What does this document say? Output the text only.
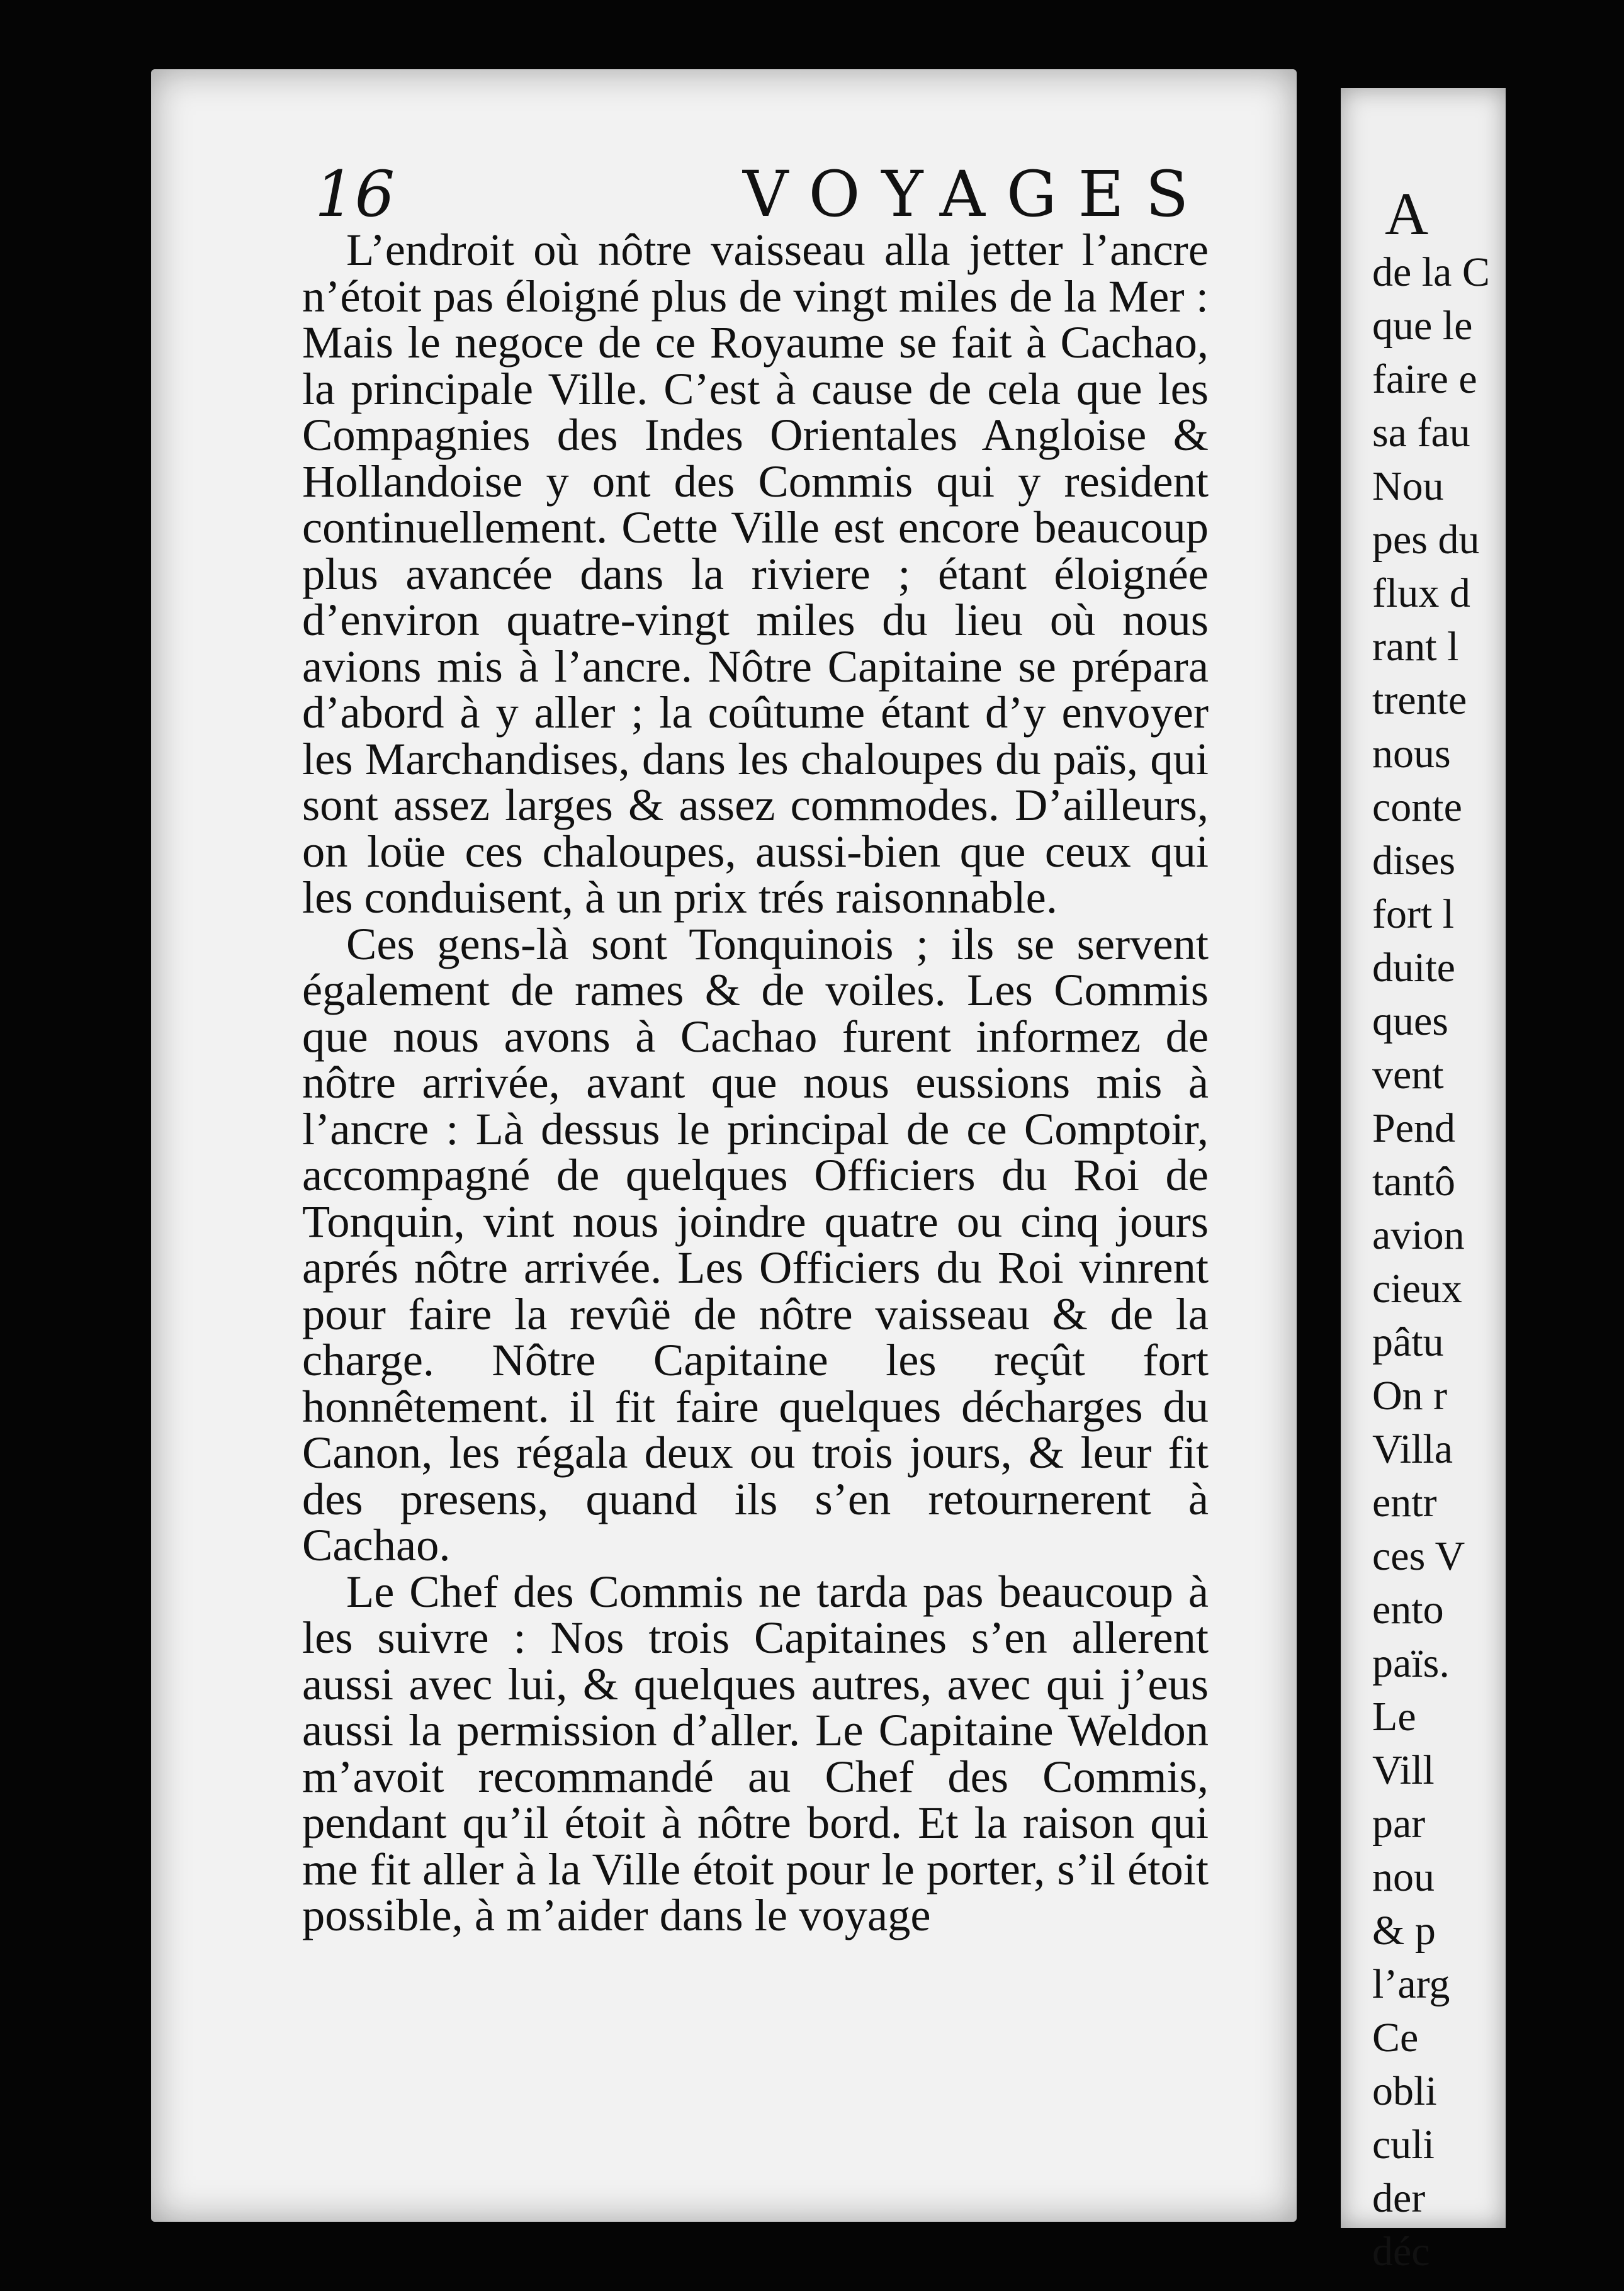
16	VOYAGES

L’endroit où nôtre vaisseau alla jetter l’ancre n’étoit pas éloigné plus de vingt miles de la Mer : Mais le negoce de ce Royaume se fait à Cachao, la principale Ville. C’est à cause de cela que les Compagnies des Indes Orientales Angloise & Hollandoise y ont des Commis qui y resident continuellement. Cette Ville est encore beaucoup plus avancée dans la riviere ; étant éloignée d’environ quatre-vingt miles du lieu où nous avions mis à l’ancre. Nôtre Capitaine se prépara d’abord à y aller ; la coûtume étant d’y envoyer les Marchandises, dans les chaloupes du païs, qui sont assez larges & assez commodes. D’ailleurs, on loüe ces chaloupes, aussi-bien que ceux qui les conduisent, à un prix trés raisonnable.

Ces gens-là sont Tonquinois ; ils se servent également de rames & de voiles. Les Commis que nous avons à Cachao furent informez de nôtre arrivée, avant que nous eussions mis à l’ancre : Là dessus le principal de ce Comptoir, accompagné de quelques Officiers du Roi de Tonquin, vint nous joindre quatre ou cinq jours aprés nôtre arrivée. Les Officiers du Roi vinrent pour faire la revûë de nôtre vaisseau & de la charge. Nôtre Capitaine les reçût fort honnêtement. il fit faire quelques décharges du Canon, les régala deux ou trois jours, & leur fit des presens, quand ils s’en retournerent à Cachao.

Le Chef des Commis ne tarda pas beaucoup à les suivre : Nos trois Capitaines s’en allerent aussi avec lui, & quelques autres, avec qui j’eus aussi la permission d’aller. Le Capitaine Weldon m’avoit recommandé au Chef des Commis, pendant qu’il étoit à nôtre bord. Et la raison qui me fit aller à la Ville étoit pour le porter, s’il étoit possible, à m’aider dans le voyage

A
de la C
que le
faire e
sa fau
Nou
pes du
flux d
rant l
trente
nous
conte
dises
fort l
duite
ques
vent
Pend
tantô
avion
cieux
pâtu
On r
Villa
entr
ces V
ento
païs.
Le
Vill
par
nou
& p
l’arg
Ce
obli
culi
der
déc
